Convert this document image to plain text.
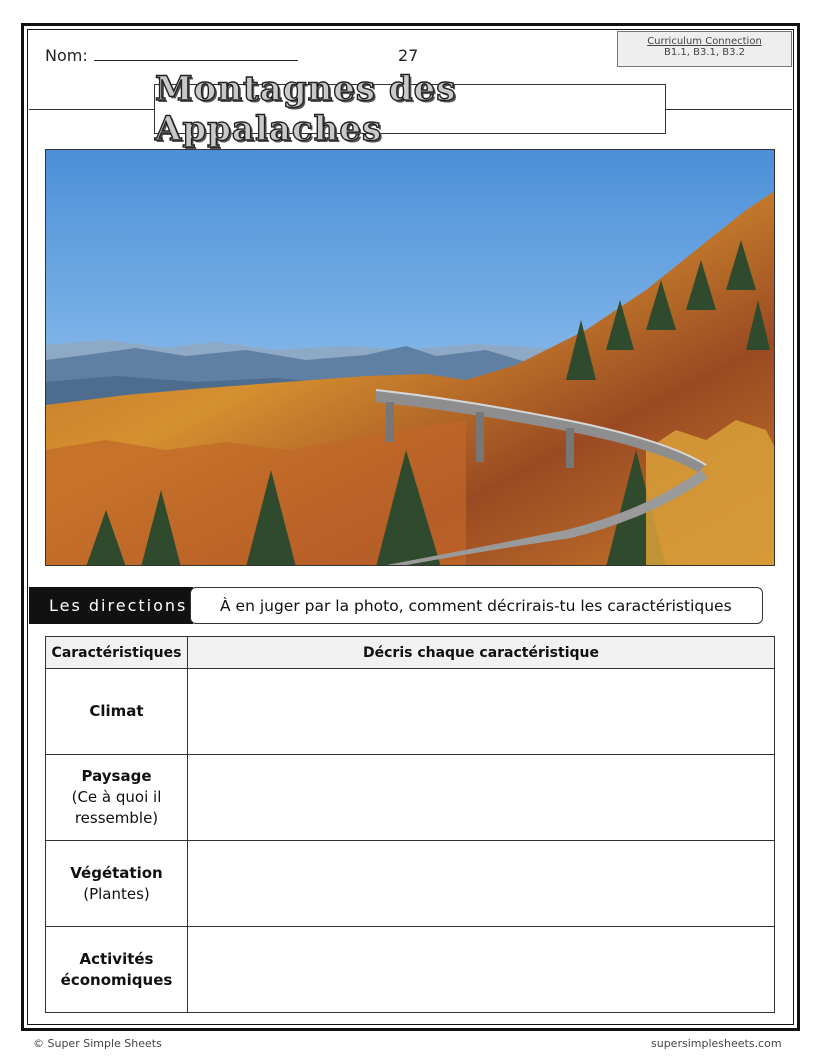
Nom:	27
Curriculum Connection
B1.1, B3.1, B3.2
Montagnes des Appalaches
Les directions	À en juger par la photo, comment décrirais-tu les caractéristiques
Caractéristiques	Décris chaque caractéristique

Climat	

Paysage
(Ce à quoi il ressemble)	

Végétation
(Plantes)	

Activités économiques	

© Super Simple Sheets	supersimplesheets.com
